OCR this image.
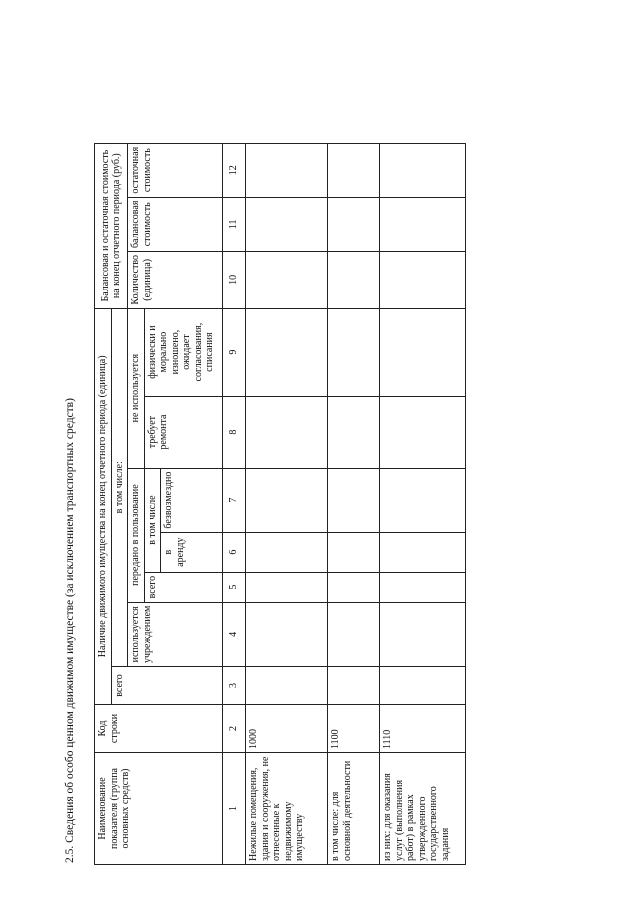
2.5. Сведения об особо ценном движимом имуществе (за исключением транспортных средств) Наименование показателя (группа основных средств)	Код строки	Наличие движимого имущества на конец отчетного периода (единица)							Балансовая и остаточная стоимость на конец отчетного периода (руб.)		
		всего	в том числе:								
			используется учреждением	передано в пользование			не используется		Количество (единица)	балансовая стоимость	остаточная стоимость
				всего	в том числе		требует ремонта	физически и морально изношено, ожидает согласования, списания			
					в аренду	безвозмездно					
1	2	3	4	5	6	7	8	9	10	11	12
Нежилые помещения, здания и сооружения, не отнесенные к недвижимому имуществу	1000										
в том числе: для основной деятельности	1100										
из них: для оказания услуг (выполнения работ) в рамках утвержденного государственного задания	1110										
